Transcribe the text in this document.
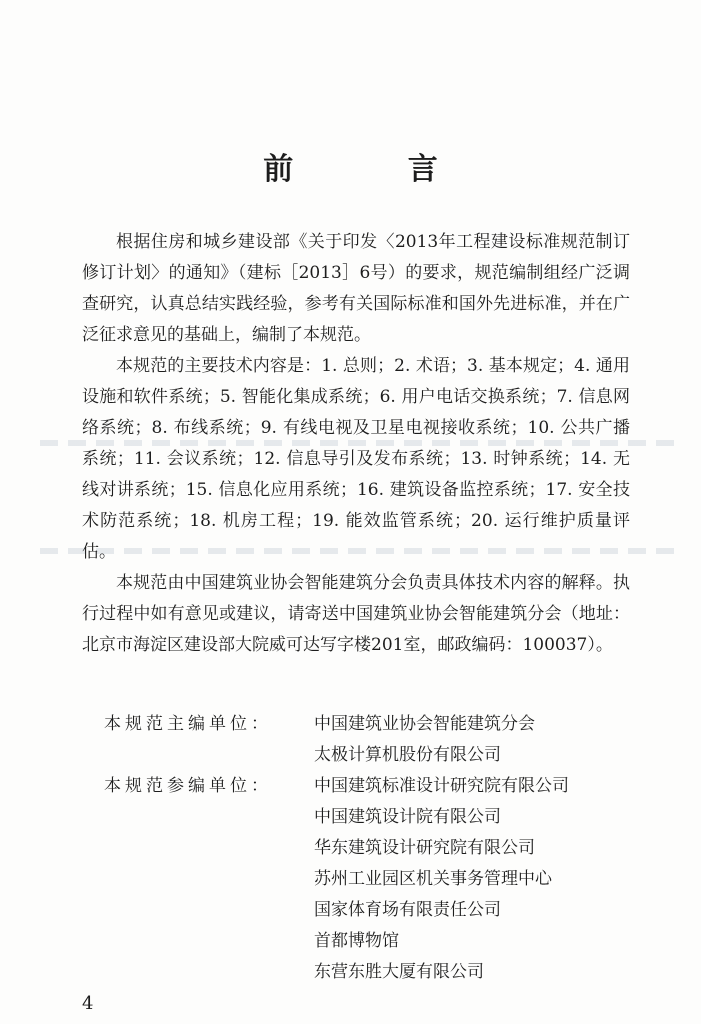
前 言

根据住房和城乡建设部《关于印发〈2013年工程建设标准规范制订修订计划〉的通知》（建标［2013］6号）的要求，规范编制组经广泛调查研究，认真总结实践经验，参考有关国际标准和国外先进标准，并在广泛征求意见的基础上，编制了本规范。

本规范的主要技术内容是：1. 总则；2. 术语；3. 基本规定；4. 通用设施和软件系统；5. 智能化集成系统；6. 用户电话交换系统；7. 信息网络系统；8. 布线系统；9. 有线电视及卫星电视接收系统；10. 公共广播系统；11. 会议系统；12. 信息导引及发布系统；13. 时钟系统；14. 无线对讲系统；15. 信息化应用系统；16. 建筑设备监控系统；17. 安全技术防范系统；18. 机房工程；19. 能效监管系统；20. 运行维护质量评估。

本规范由中国建筑业协会智能建筑分会负责具体技术内容的解释。执行过程中如有意见或建议，请寄送中国建筑业协会智能建筑分会（地址：北京市海淀区建设部大院威可达写字楼201室，邮政编码：100037）。

本规范主编单位：	中国建筑业协会智能建筑分会
太极计算机股份有限公司
本规范参编单位：	中国建筑标准设计研究院有限公司
中国建筑设计院有限公司
华东建筑设计研究院有限公司
苏州工业园区机关事务管理中心
国家体育场有限责任公司
首都博物馆
东营东胜大厦有限公司
4
